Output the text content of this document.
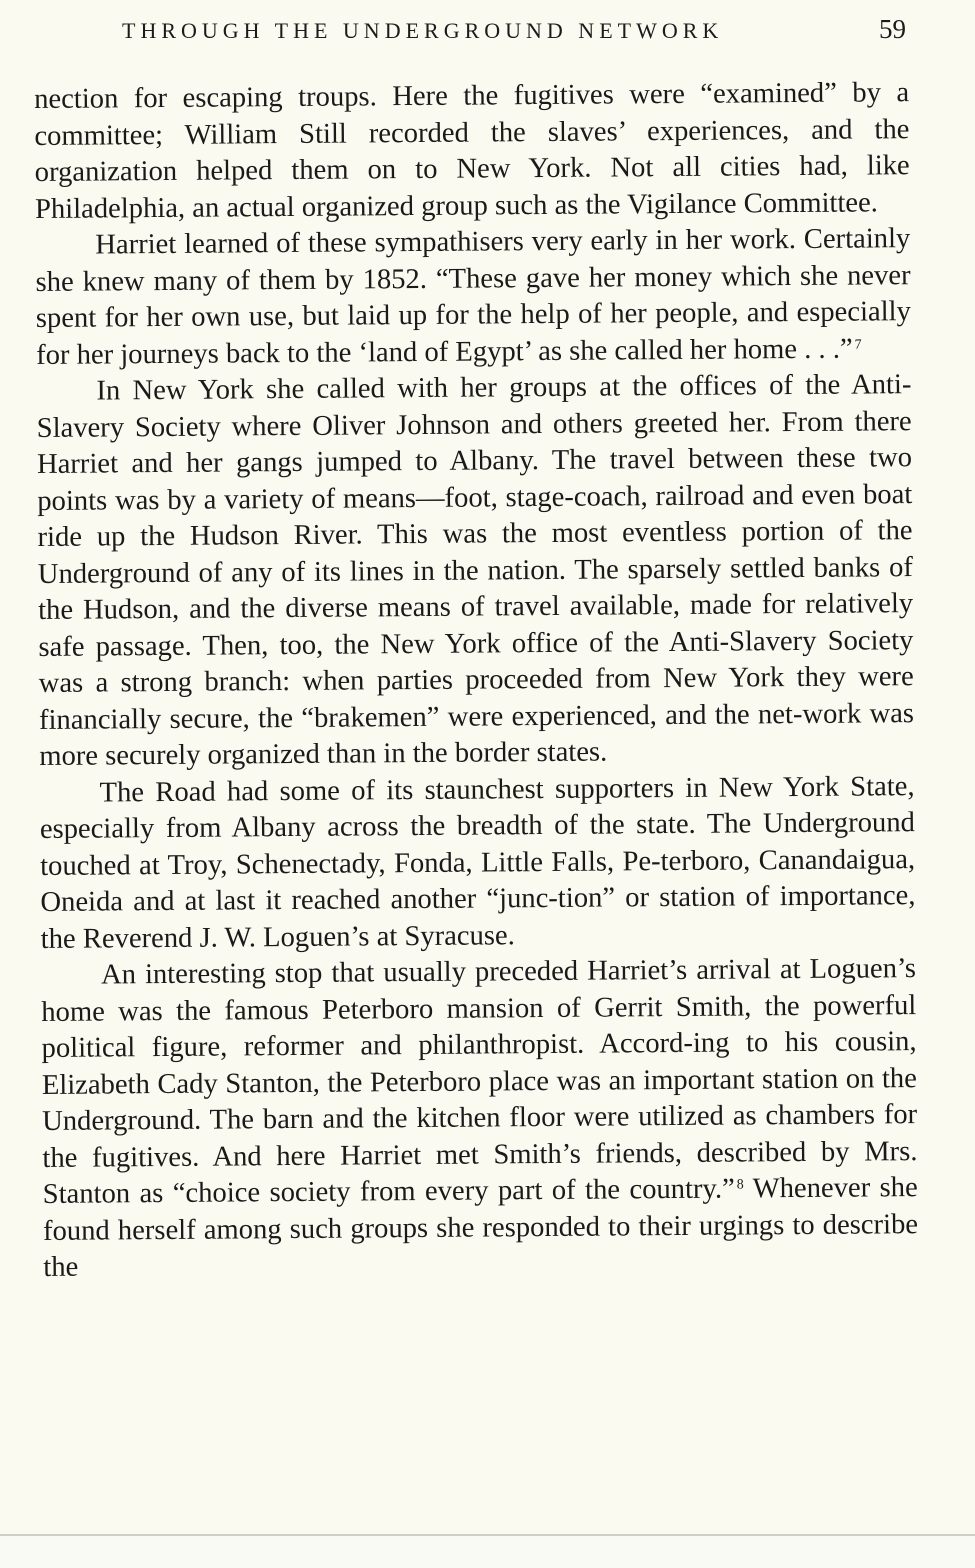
THROUGH THE UNDERGROUND NETWORK	59

nection for escaping troups. Here the fugitives were “examined” by a committee; William Still recorded the slaves’ experiences, and the organization helped them on to New York. Not all cities had, like Philadelphia, an actual organized group such as the Vigilance Committee.

Harriet learned of these sympathisers very early in her work. Certainly she knew many of them by 1852. “These gave her money which she never spent for her own use, but laid up for the help of her people, and especially for her journeys back to the ‘land of Egypt’ as she called her home . . .” $^7$

In New York she called with her groups at the offices of the Anti-Slavery Society where Oliver Johnson and others greeted her. From there Harriet and her gangs jumped to Albany. The travel between these two points was by a variety of means—foot, stage-coach, railroad and even boat ride up the Hudson River. This was the most eventless portion of the Underground of any of its lines in the nation. The sparsely settled banks of the Hudson, and the diverse means of travel available, made for relatively safe passage. Then, too, the New York office of the Anti-Slavery Society was a strong branch: when parties proceeded from New York they were financially secure, the “brakemen” were experienced, and the net-work was more securely organized than in the border states.

The Road had some of its staunchest supporters in New York State, especially from Albany across the breadth of the state. The Underground touched at Troy, Schenectady, Fonda, Little Falls, Pe-terboro, Canandaigua, Oneida and at last it reached another “junc-tion” or station of importance, the Reverend J. W. Loguen’s at Syracuse.

An interesting stop that usually preceded Harriet’s arrival at Loguen’s home was the famous Peterboro mansion of Gerrit Smith, the powerful political figure, reformer and philanthropist. Accord-ing to his cousin, Elizabeth Cady Stanton, the Peterboro place was an important station on the Underground. The barn and the kitchen floor were utilized as chambers for the fugitives. And here Harriet met Smith’s friends, described by Mrs. Stanton as “choice society from every part of the country.” $^8$ Whenever she found herself among such groups she responded to their urgings to describe the
